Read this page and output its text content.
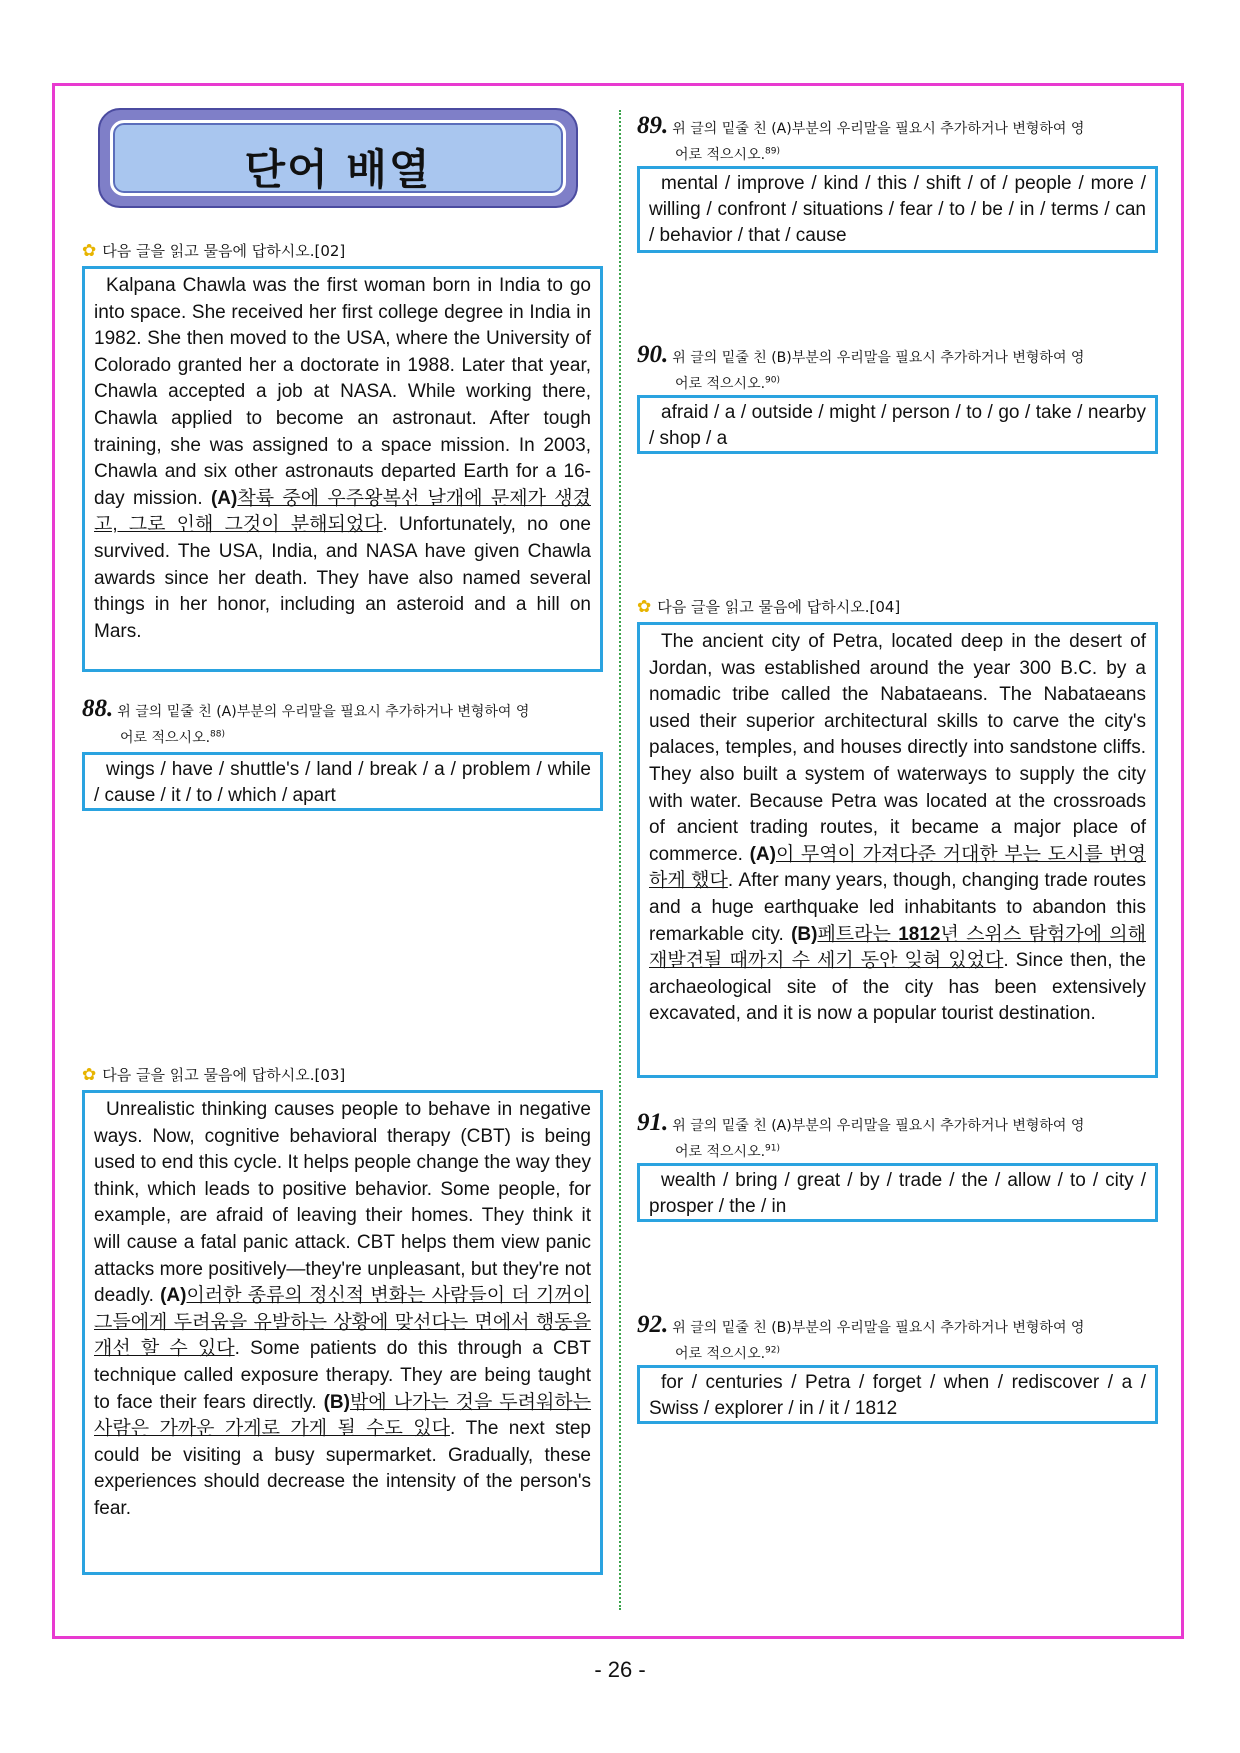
단어 배열
✿ 다음 글을 읽고 물음에 답하시오.[02]
Kalpana Chawla was the first woman born in India to go into space. She received her first college degree in India in 1982. She then moved to the USA, where the University of Colorado granted her a doctorate in 1988. Later that year, Chawla accepted a job at NASA. While working there, Chawla applied to become an astronaut. After tough training, she was assigned to a space mission. In 2003, Chawla and six other astronauts departed Earth for a 16-day mission. (A)착륙 중에 우주왕복선 날개에 문제가 생겼고, 그로 인해 그것이 분해되었다. Unfortunately, no one survived. The USA, India, and NASA have given Chawla awards since her death. They have also named several things in her honor, including an asteroid and a hill on Mars.
88. 위 글의 밑줄 친 (A)부분의 우리말을 필요시 추가하거나 변형하여 영
어로 적으시오.$^{88)}$
wings / have / shuttle's / land / break / a / problem / while / cause / it / to / which / apart
✿ 다음 글을 읽고 물음에 답하시오.[03]
Unrealistic thinking causes people to behave in negative ways. Now, cognitive behavioral therapy (CBT) is being used to end this cycle. It helps people change the way they think, which leads to positive behavior. Some people, for example, are afraid of leaving their homes. They think it will cause a fatal panic attack. CBT helps them view panic attacks more positively—they're unpleasant, but they're not deadly. (A)이러한 종류의 정신적 변화는 사람들이 더 기꺼이 그들에게 두려움을 유발하는 상황에 맞선다는 면에서 행동을 개선 할 수 있다. Some patients do this through a CBT technique called exposure therapy. They are being taught to face their fears directly. (B)밖에 나가는 것을 두려워하는 사람은 가까운 가게로 가게 될 수도 있다. The next step could be visiting a busy supermarket. Gradually, these experiences should decrease the intensity of the person's fear.
89. 위 글의 밑줄 친 (A)부분의 우리말을 필요시 추가하거나 변형하여 영
어로 적으시오.$^{89)}$
mental / improve / kind / this / shift / of / people / more / willing / confront / situations / fear / to / be / in / terms / can / behavior / that / cause
90. 위 글의 밑줄 친 (B)부분의 우리말을 필요시 추가하거나 변형하여 영
어로 적으시오.$^{90)}$
afraid / a / outside / might / person / to / go / take / nearby / shop / a
✿ 다음 글을 읽고 물음에 답하시오.[04]
The ancient city of Petra, located deep in the desert of Jordan, was established around the year 300 B.C. by a nomadic tribe called the Nabataeans. The Nabataeans used their superior architectural skills to carve the city's palaces, temples, and houses directly into sandstone cliffs. They also built a system of waterways to supply the city with water. Because Petra was located at the crossroads of ancient trading routes, it became a major place of commerce. (A)이 무역이 가져다준 거대한 부는 도시를 번영하게 했다. After many years, though, changing trade routes and a huge earthquake led inhabitants to abandon this remarkable city. (B)페트라는 1812년 스위스 탐험가에 의해 재발견될 때까지 수 세기 동안 잊혀 있었다. Since then, the archaeological site of the city has been extensively excavated, and it is now a popular tourist destination.
91. 위 글의 밑줄 친 (A)부분의 우리말을 필요시 추가하거나 변형하여 영
어로 적으시오.$^{91)}$
wealth / bring / great / by / trade / the / allow / to / city / prosper / the / in
92. 위 글의 밑줄 친 (B)부분의 우리말을 필요시 추가하거나 변형하여 영
어로 적으시오.$^{92)}$
for / centuries / Petra / forget / when / rediscover / a / Swiss / explorer / in / it / 1812
- 26 -
